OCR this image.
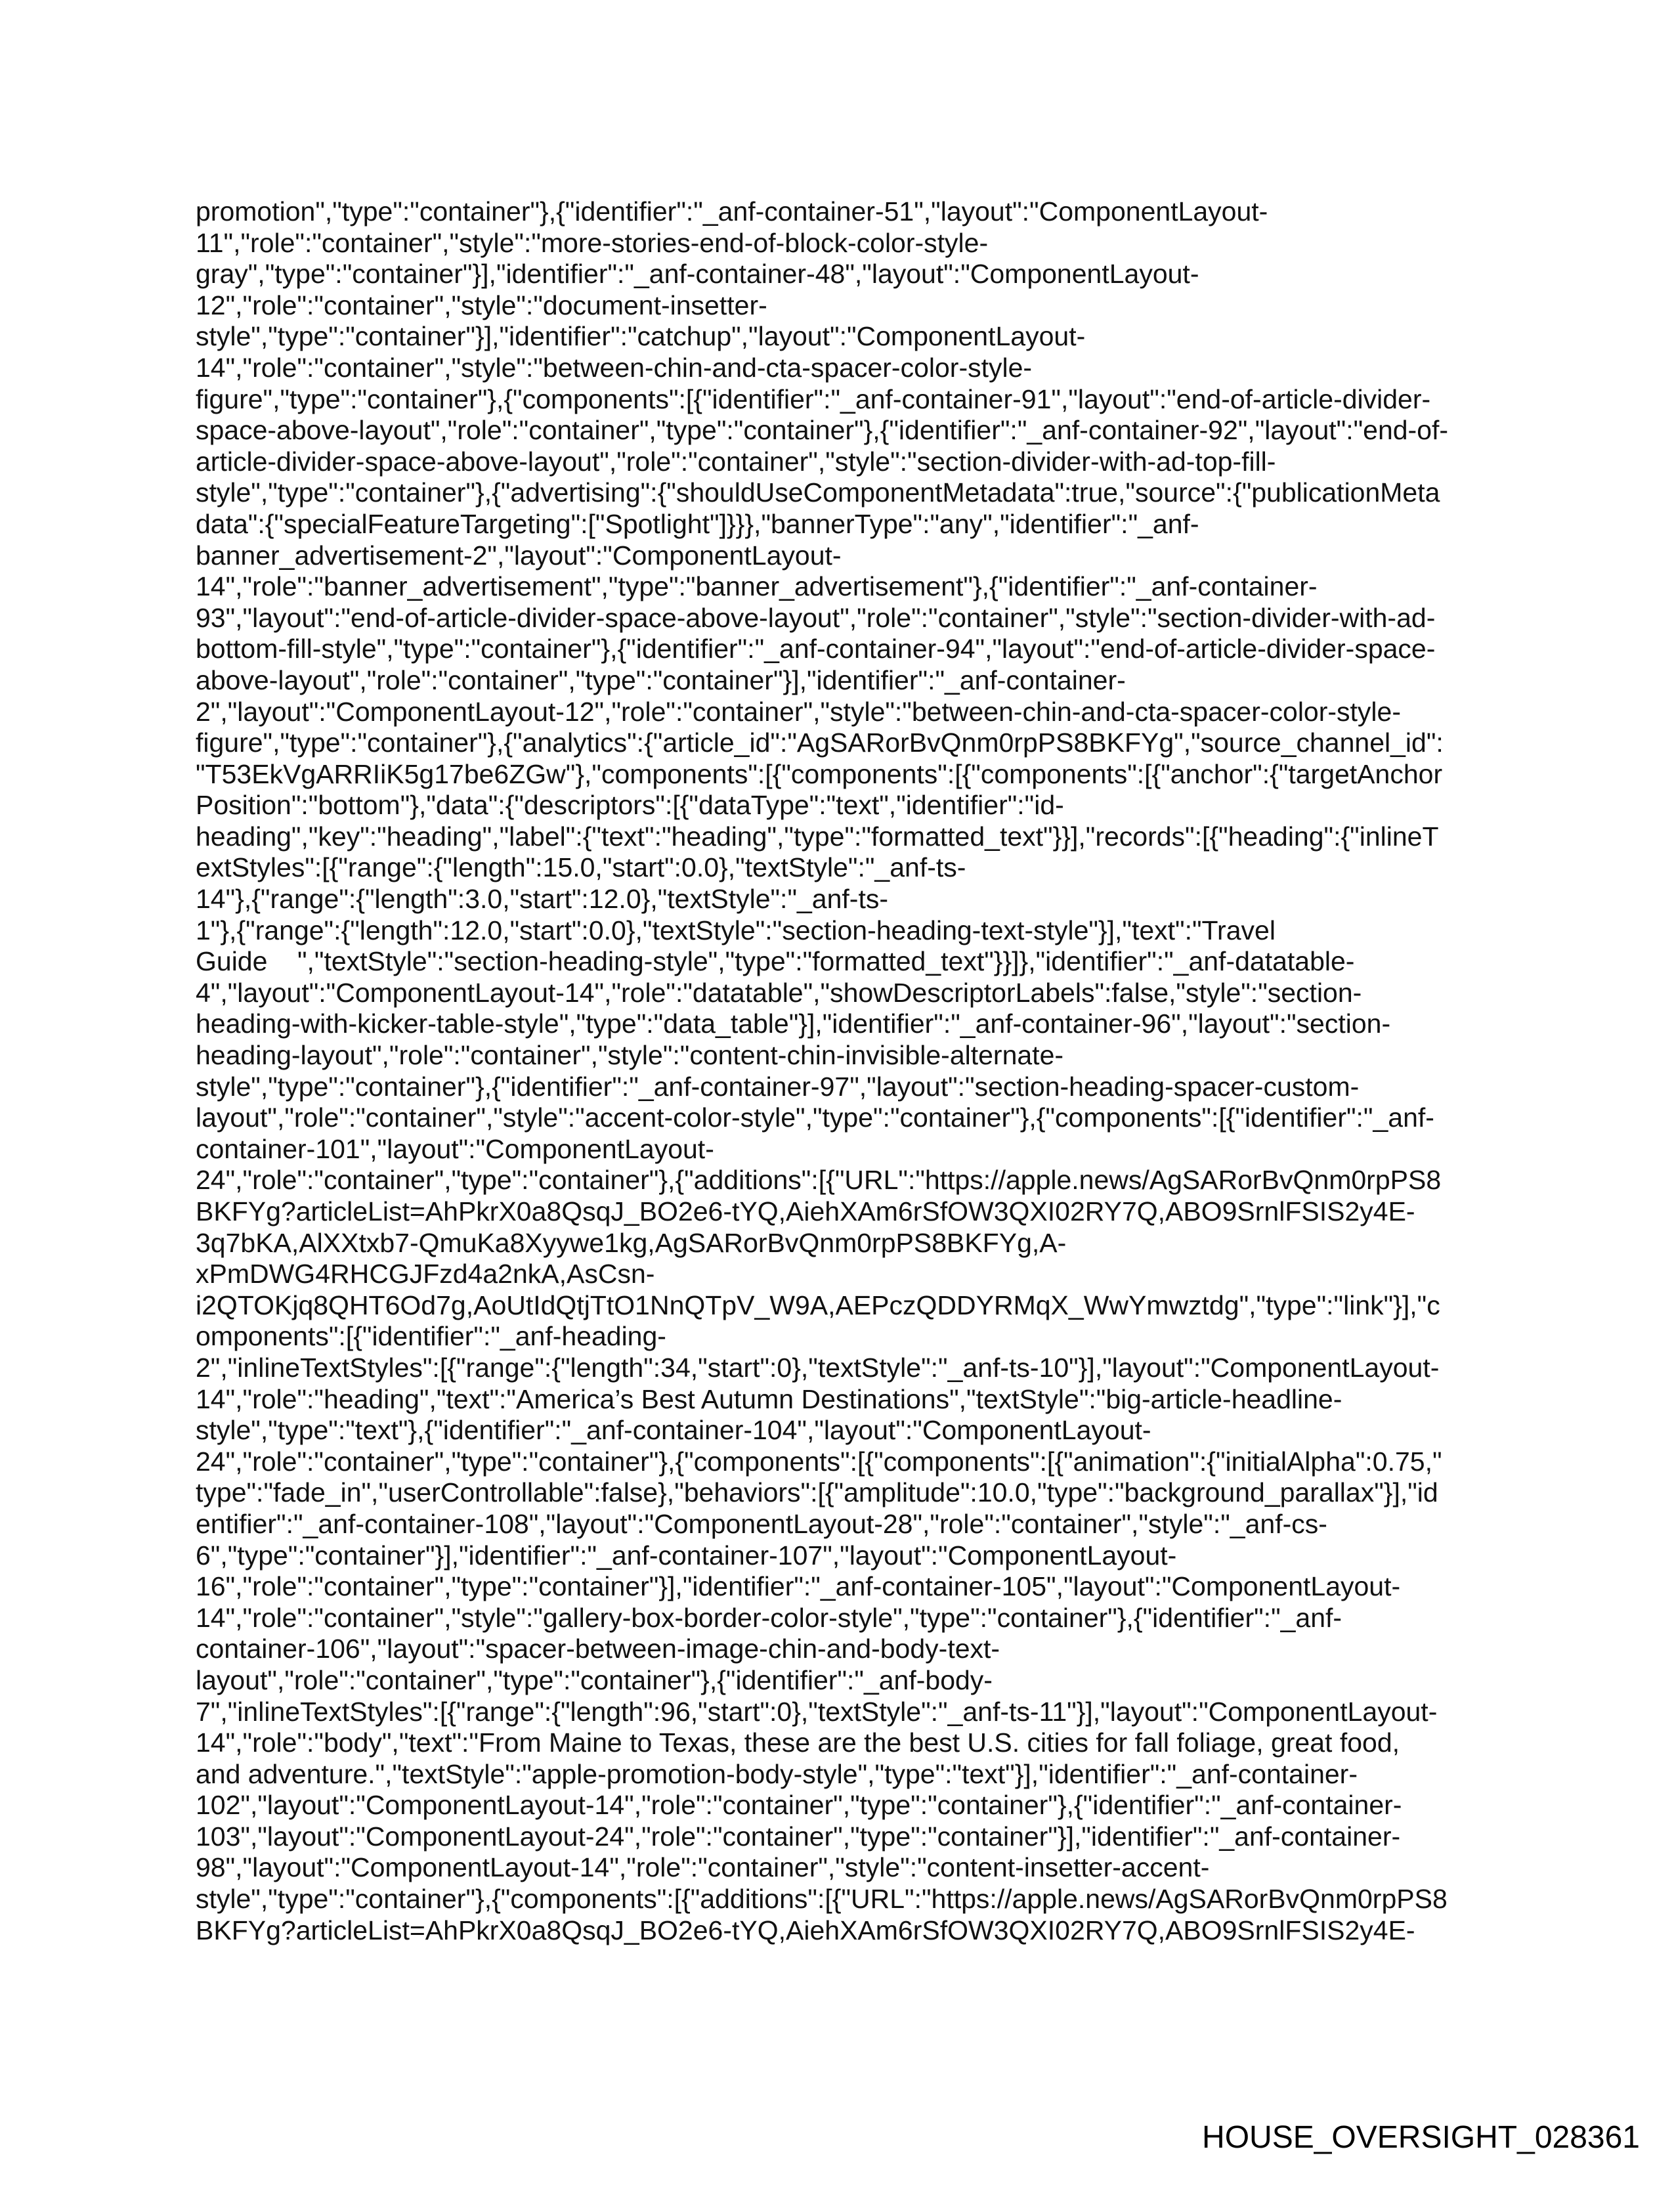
promotion","type":"container"},{"identifier":"_anf-container-51","layout":"ComponentLayout-
11","role":"container","style":"more-stories-end-of-block-color-style-
gray","type":"container"}],"identifier":"_anf-container-48","layout":"ComponentLayout-
12","role":"container","style":"document-insetter-
style","type":"container"}],"identifier":"catchup","layout":"ComponentLayout-
14","role":"container","style":"between-chin-and-cta-spacer-color-style-
figure","type":"container"},{"components":[{"identifier":"_anf-container-91","layout":"end-of-article-divider-
space-above-layout","role":"container","type":"container"},{"identifier":"_anf-container-92","layout":"end-of-
article-divider-space-above-layout","role":"container","style":"section-divider-with-ad-top-fill-
style","type":"container"},{"advertising":{"shouldUseComponentMetadata":true,"source":{"publicationMeta
data":{"specialFeatureTargeting":["Spotlight"]}}},"bannerType":"any","identifier":"_anf-
banner_advertisement-2","layout":"ComponentLayout-
14","role":"banner_advertisement","type":"banner_advertisement"},{"identifier":"_anf-container-
93","layout":"end-of-article-divider-space-above-layout","role":"container","style":"section-divider-with-ad-
bottom-fill-style","type":"container"},{"identifier":"_anf-container-94","layout":"end-of-article-divider-space-
above-layout","role":"container","type":"container"}],"identifier":"_anf-container-
2","layout":"ComponentLayout-12","role":"container","style":"between-chin-and-cta-spacer-color-style-
figure","type":"container"},{"analytics":{"article_id":"AgSARorBvQnm0rpPS8BKFYg","source_channel_id":
"T53EkVgARRIiK5g17be6ZGw"},"components":[{"components":[{"components":[{"anchor":{"targetAnchor
Position":"bottom"},"data":{"descriptors":[{"dataType":"text","identifier":"id-
heading","key":"heading","label":{"text":"heading","type":"formatted_text"}}],"records":[{"heading":{"inlineT
extStyles":[{"range":{"length":15.0,"start":0.0},"textStyle":"_anf-ts-
14"},{"range":{"length":3.0,"start":12.0},"textStyle":"_anf-ts-
1"},{"range":{"length":12.0,"start":0.0},"textStyle":"section-heading-text-style"}],"text":"Travel
Guide    ","textStyle":"section-heading-style","type":"formatted_text"}}]},"identifier":"_anf-datatable-
4","layout":"ComponentLayout-14","role":"datatable","showDescriptorLabels":false,"style":"section-
heading-with-kicker-table-style","type":"data_table"}],"identifier":"_anf-container-96","layout":"section-
heading-layout","role":"container","style":"content-chin-invisible-alternate-
style","type":"container"},{"identifier":"_anf-container-97","layout":"section-heading-spacer-custom-
layout","role":"container","style":"accent-color-style","type":"container"},{"components":[{"identifier":"_anf-
container-101","layout":"ComponentLayout-
24","role":"container","type":"container"},{"additions":[{"URL":"https://apple.news/AgSARorBvQnm0rpPS8
BKFYg?articleList=AhPkrX0a8QsqJ_BO2e6-tYQ,AiehXAm6rSfOW3QXI02RY7Q,ABO9SrnlFSIS2y4E-
3q7bKA,AlXXtxb7-QmuKa8Xyywe1kg,AgSARorBvQnm0rpPS8BKFYg,A-
xPmDWG4RHCGJFzd4a2nkA,AsCsn-
i2QTOKjq8QHT6Od7g,AoUtIdQtjTtO1NnQTpV_W9A,AEPczQDDYRMqX_WwYmwztdg","type":"link"}],"c
omponents":[{"identifier":"_anf-heading-
2","inlineTextStyles":[{"range":{"length":34,"start":0},"textStyle":"_anf-ts-10"}],"layout":"ComponentLayout-
14","role":"heading","text":"America’s Best Autumn Destinations","textStyle":"big-article-headline-
style","type":"text"},{"identifier":"_anf-container-104","layout":"ComponentLayout-
24","role":"container","type":"container"},{"components":[{"components":[{"animation":{"initialAlpha":0.75,"
type":"fade_in","userControllable":false},"behaviors":[{"amplitude":10.0,"type":"background_parallax"}],"id
entifier":"_anf-container-108","layout":"ComponentLayout-28","role":"container","style":"_anf-cs-
6","type":"container"}],"identifier":"_anf-container-107","layout":"ComponentLayout-
16","role":"container","type":"container"}],"identifier":"_anf-container-105","layout":"ComponentLayout-
14","role":"container","style":"gallery-box-border-color-style","type":"container"},{"identifier":"_anf-
container-106","layout":"spacer-between-image-chin-and-body-text-
layout","role":"container","type":"container"},{"identifier":"_anf-body-
7","inlineTextStyles":[{"range":{"length":96,"start":0},"textStyle":"_anf-ts-11"}],"layout":"ComponentLayout-
14","role":"body","text":"From Maine to Texas, these are the best U.S. cities for fall foliage, great food,
and adventure.","textStyle":"apple-promotion-body-style","type":"text"}],"identifier":"_anf-container-
102","layout":"ComponentLayout-14","role":"container","type":"container"},{"identifier":"_anf-container-
103","layout":"ComponentLayout-24","role":"container","type":"container"}],"identifier":"_anf-container-
98","layout":"ComponentLayout-14","role":"container","style":"content-insetter-accent-
style","type":"container"},{"components":[{"additions":[{"URL":"https://apple.news/AgSARorBvQnm0rpPS8
BKFYg?articleList=AhPkrX0a8QsqJ_BO2e6-tYQ,AiehXAm6rSfOW3QXI02RY7Q,ABO9SrnlFSIS2y4E-
HOUSE_OVERSIGHT_028361
